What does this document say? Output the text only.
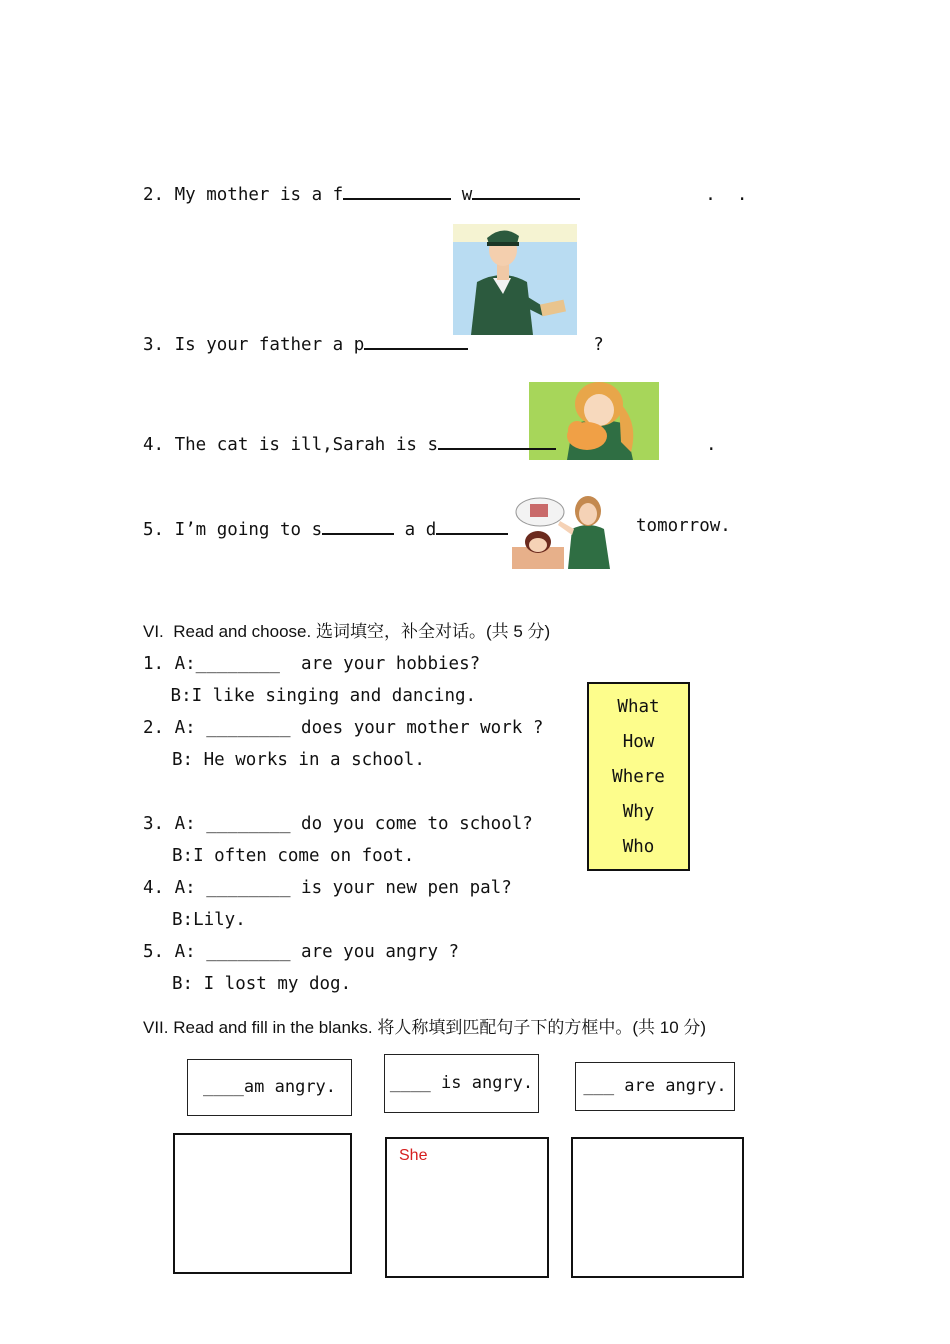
2. My mother is a f	w	.  .
3. Is your father a p	?
4. The cat is ill,Sarah is s	.
5. I’m going to s	a d	tomorrow.
VI.  Read and choose. 选词填空，补全对话。(共 5 分)
1. A:________  are your hobbies?
B:I like singing and dancing.
2. A: ________ does your mother work ?
B: He works in a school.
3. A: ________ do you come to school?
B:I often come on foot.
4. A: ________ is your new pen pal?
B:Lily.
5. A: ________ are you angry ?
B: I lost my dog.
What
How
Where
Why
Who
VII. Read and fill in the blanks. 将人称填到匹配句子下的方框中。(共 10 分)
____am angry.	____ is angry.	___ are angry.
She
